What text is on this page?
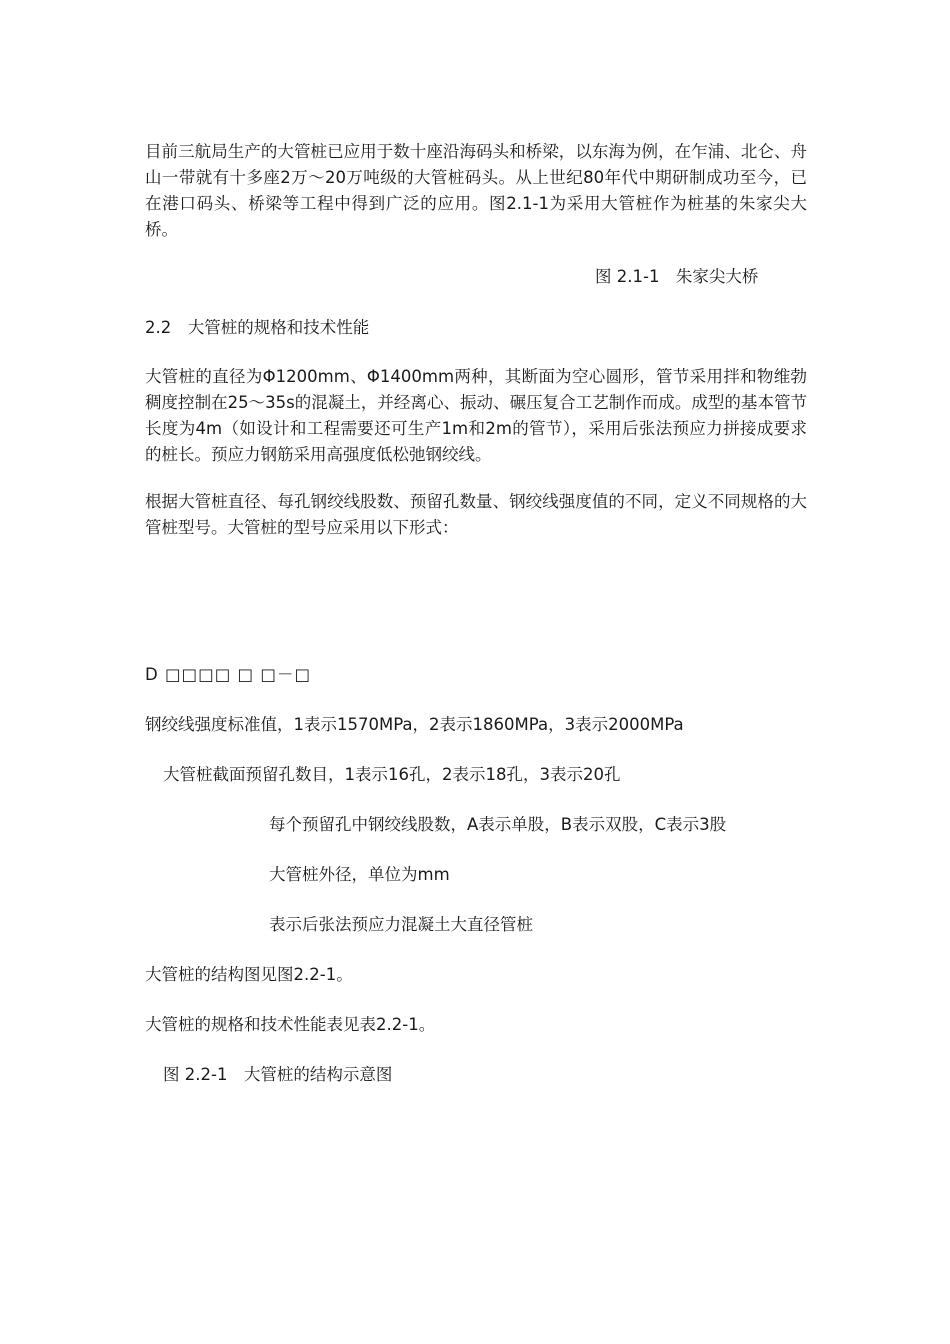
目前三航局生产的大管桩已应用于数十座沿海码头和桥梁，以东海为例，在乍浦、北仑、舟山一带就有十多座2万～20万吨级的大管桩码头。从上世纪80年代中期研制成功至今，已在港口码头、桥梁等工程中得到广泛的应用。图2.1-1为采用大管桩作为桩基的朱家尖大桥。

图 2.1-1　朱家尖大桥

2.2　大管桩的规格和技术性能

大管桩的直径为Φ1200mm、Φ1400mm两种，其断面为空心圆形，管节采用拌和物维勃稠度控制在25～35s的混凝土，并经离心、振动、碾压复合工艺制作而成。成型的基本管节长度为4m（如设计和工程需要还可生产1m和2m的管节），采用后张法预应力拼接成要求的桩长。预应力钢筋采用高强度低松弛钢绞线。

根据大管桩直径、每孔钢绞线股数、预留孔数量、钢绞线强度值的不同，定义不同规格的大管桩型号。大管桩的型号应采用以下形式：

D □□□□ □ □－□

钢绞线强度标准值，1表示1570MPa，2表示1860MPa，3表示2000MPa

大管桩截面预留孔数目，1表示16孔，2表示18孔，3表示20孔

每个预留孔中钢绞线股数，A表示单股，B表示双股，C表示3股

大管桩外径，单位为mm

表示后张法预应力混凝土大直径管桩

大管桩的结构图见图2.2-1。

大管桩的规格和技术性能表见表2.2-1。

图 2.2-1　大管桩的结构示意图
